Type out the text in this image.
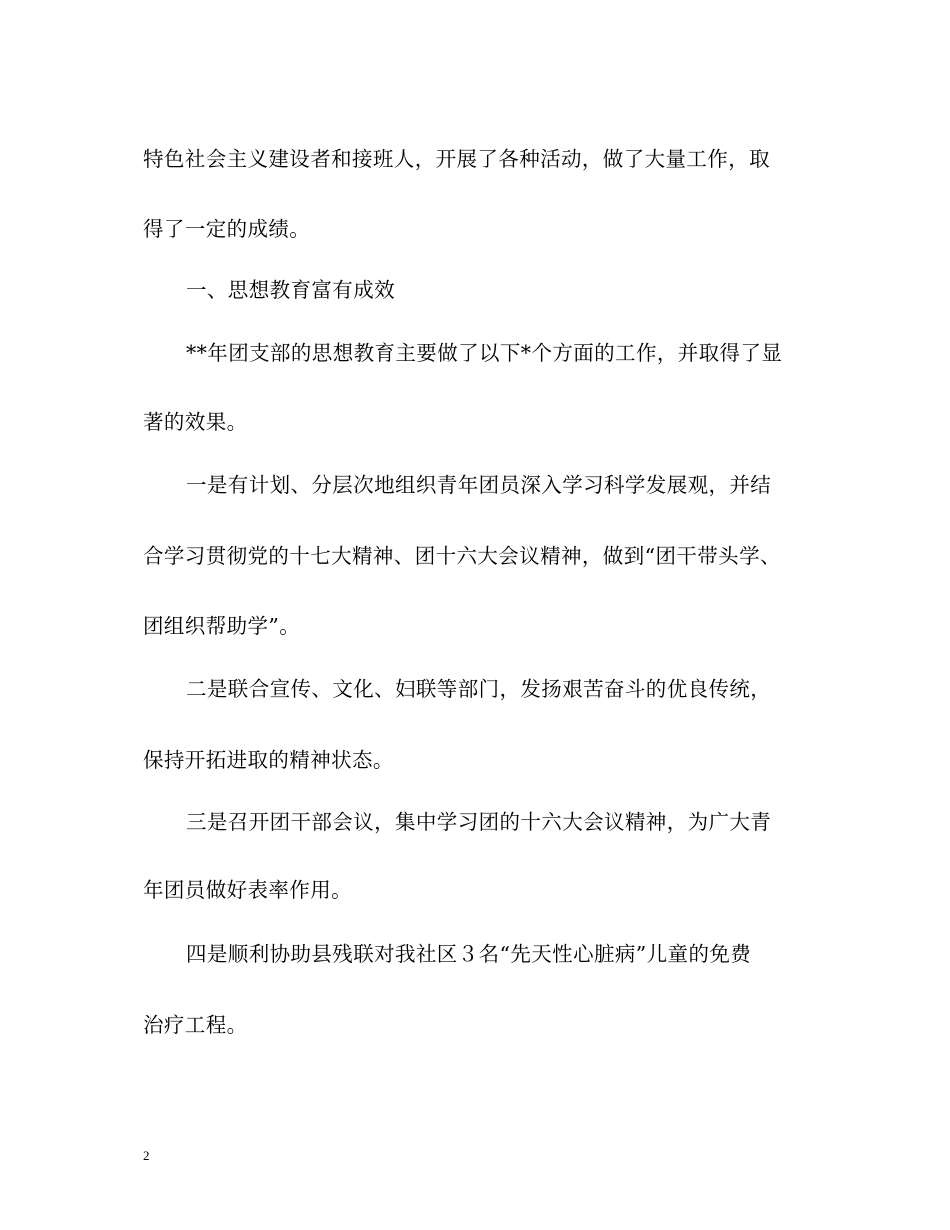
特色社会主义建设者和接班人，开展了各种活动，做了大量工作，取
得了一定的成绩。
一、思想教育富有成效
**年团支部的思想教育主要做了以下*个方面的工作，并取得了显
著的效果。
一是有计划、分层次地组织青年团员深入学习科学发展观，并结
合学习贯彻党的十七大精神、团十六大会议精神，做到“团干带头学、
团组织帮助学”。
二是联合宣传、文化、妇联等部门，发扬艰苦奋斗的优良传统，
保持开拓进取的精神状态。
三是召开团干部会议，集中学习团的十六大会议精神，为广大青
年团员做好表率作用。
四是顺利协助县残联对我社区３名“先天性心脏病”儿童的免费
治疗工程。
2
